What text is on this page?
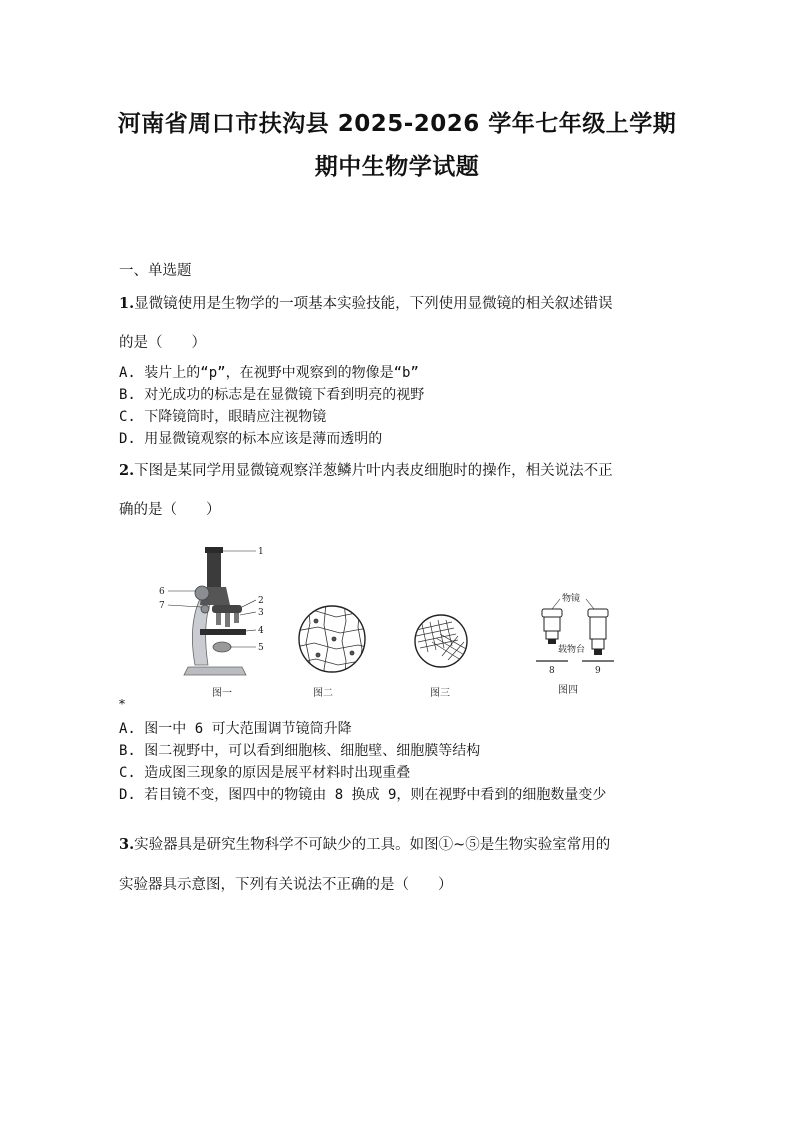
河南省周口市扶沟县 2025-2026 学年七年级上学期
期中生物学试题
一、单选题
1.显微镜使用是生物学的一项基本实验技能，下列使用显微镜的相关叙述错误
的是（　　）
A. 装片上的“p”，在视野中观察到的物像是“b”
B. 对光成功的标志是在显微镜下看到明亮的视野
C. 下降镜筒时，眼睛应注视物镜
D. 用显微镜观察的标本应该是薄而透明的
2.下图是某同学用显微镜观察洋葱鳞片叶内表皮细胞时的操作，相关说法不正
确的是（　　）
1
2
3
4
5
6
7
图一	图二	图三
物镜
载物台
8	9
图四
*
A. 图一中 6 可大范围调节镜筒升降
B. 图二视野中，可以看到细胞核、细胞壁、细胞膜等结构
C. 造成图三现象的原因是展平材料时出现重叠
D. 若目镜不变，图四中的物镜由 8 换成 9，则在视野中看到的细胞数量变少
3.实验器具是研究生物科学不可缺少的工具。如图①~⑤是生物实验室常用的
实验器具示意图，下列有关说法不正确的是（　　）
